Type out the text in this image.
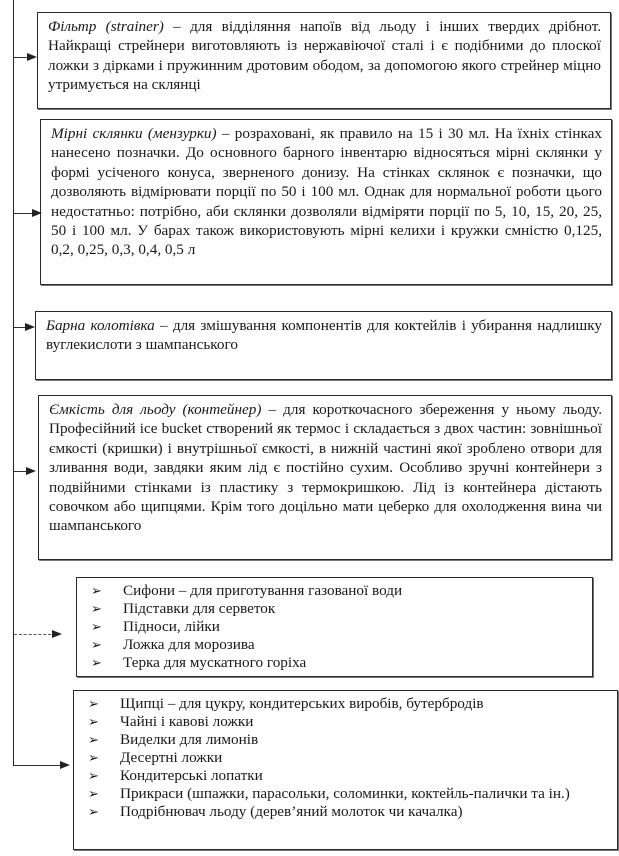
Фільтр (strainer) – для відділяння напоїв від льоду і інших твердих дрібнот. Найкращі стрейнери виготовляють із нержавіючої сталі і є подібними до плоскої ложки з дірками і пружинним дротовим ободом, за допомогою якого стрейнер міцно утримується на склянці
Мірні склянки (мензурки) – розраховані, як правило на 15 і 30 мл. На їхніх стінках нанесено позначки. До основного барного інвентарю відносяться мірні склянки у формі усіченого конуса, зверненого донизу. На стінках склянок є позначки, що дозволяють відмірювати порції по 50 і 100 мл. Однак для нормальної роботи цього недостатньо: потрібно, аби склянки дозволяли відміряти порції по 5, 10, 15, 20, 25, 50 і 100 мл. У барах також використовують мірні келихи і кружки смністю 0,125, 0,2, 0,25, 0,3, 0,4, 0,5 л
Барна колотівка – для змішування компонентів для коктейлів і убирання надлишку вуглекислоти з шампанського
Ємкість для льоду (контейнер) – для короткочасного збереження у ньому льоду. Професійний ice bucket створений як термос і складається з двох частин: зовнішньої ємкості (кришки) і внутрішньої ємкості, в нижній частині якої зроблено отвори для зливання води, завдяки яким лід є постійно сухим. Особливо зручні контейнери з подвійними стінками із пластику з термокришкою. Лід із контейнера дістають совочком або щипцями. Крім того доцільно мати цеберко для охолодження вина чи шампанського
➢ Сифони – для приготування газованої води
➢ Підставки для серветок
➢ Підноси, лійки
➢ Ложка для морозива
➢ Терка для мускатного горіха
➢ Щипці – для цукру, кондитерських виробів, бутербродів
➢ Чайні і кавові ложки
➢ Виделки для лимонів
➢ Десертні ложки
➢ Кондитерські лопатки
➢ Прикраси (шпажки, парасольки, соломинки, коктейль-палички та ін.)
➢ Подрібнювач льоду (дерев’яний молоток чи качалка)
